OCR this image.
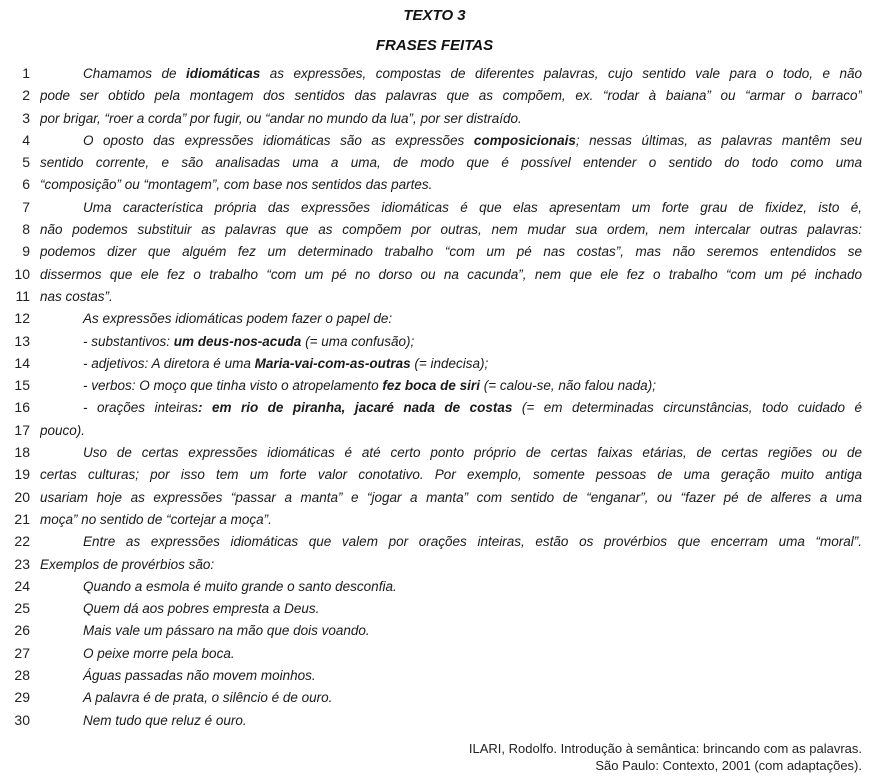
TEXTO 3
FRASES FEITAS
1	Chamamos de idiomáticas as expressões, compostas de diferentes palavras, cujo sentido vale para o todo, e não
2 pode ser obtido pela montagem dos sentidos das palavras que as compõem, ex. “rodar à baiana” ou “armar o barraco”
3 por brigar, “roer a corda” por fugir, ou “andar no mundo da lua”, por ser distraído.
4	O oposto das expressões idiomáticas são as expressões composicionais; nessas últimas, as palavras mantêm seu
5 sentido corrente, e são analisadas uma a uma, de modo que é possível entender o sentido do todo como uma
6 “composição” ou “montagem”, com base nos sentidos das partes.
7	Uma característica própria das expressões idiomáticas é que elas apresentam um forte grau de fixidez, isto é,
8 não podemos substituir as palavras que as compõem por outras, nem mudar sua ordem, nem intercalar outras palavras:
9 podemos dizer que alguém fez um determinado trabalho “com um pé nas costas”, mas não seremos entendidos se
10 dissermos que ele fez o trabalho “com um pé no dorso ou na cacunda”, nem que ele fez o trabalho “com um pé inchado
11 nas costas”.
12	As expressões idiomáticas podem fazer o papel de:
13	- substantivos: um deus-nos-acuda (= uma confusão);
14	- adjetivos: A diretora é uma Maria-vai-com-as-outras (= indecisa);
15	- verbos: O moço que tinha visto o atropelamento fez boca de siri (= calou-se, não falou nada);
16	- orações inteiras: em rio de piranha, jacaré nada de costas (= em determinadas circunstâncias, todo cuidado é
17 pouco).
18	Uso de certas expressões idiomáticas é até certo ponto próprio de certas faixas etárias, de certas regiões ou de
19 certas culturas; por isso tem um forte valor conotativo. Por exemplo, somente pessoas de uma geração muito antiga
20 usariam hoje as expressões “passar a manta” e “jogar a manta” com sentido de “enganar”, ou “fazer pé de alferes a uma
21 moça” no sentido de “cortejar a moça”.
22	Entre as expressões idiomáticas que valem por orações inteiras, estão os provérbios que encerram uma “moral”.
23 Exemplos de provérbios são:
24	Quando a esmola é muito grande o santo desconfia.
25	Quem dá aos pobres empresta a Deus.
26	Mais vale um pássaro na mão que dois voando.
27	O peixe morre pela boca.
28	Águas passadas não movem moinhos.
29	A palavra é de prata, o silêncio é de ouro.
30	Nem tudo que reluz é ouro.
ILARI, Rodolfo. Introdução à semântica: brincando com as palavras.
São Paulo: Contexto, 2001 (com adaptações).
